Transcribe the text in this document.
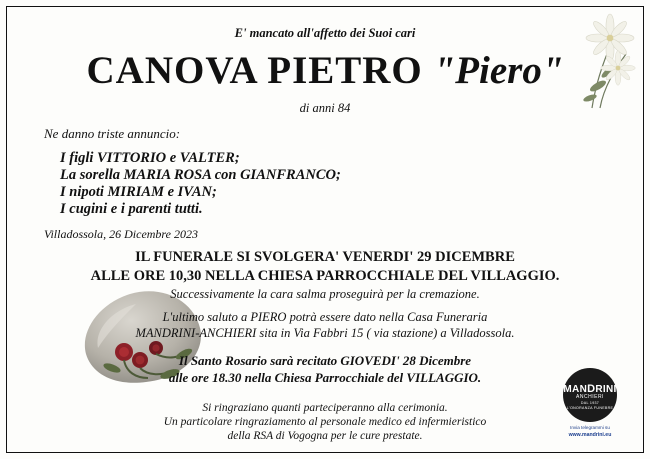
E' mancato all'affetto dei Suoi cari
CANOVA PIETRO "Piero"
di anni 84
Ne danno triste annuncio:
I figli VITTORIO e VALTER;
La sorella MARIA ROSA con GIANFRANCO;
I nipoti MIRIAM e IVAN;
I cugini e i parenti tutti.
Villadossola, 26 Dicembre 2023
IL FUNERALE SI SVOLGERA' VENERDI' 29 DICEMBRE
ALLE ORE 10,30 NELLA CHIESA PARROCCHIALE DEL VILLAGGIO.
Successivamente la cara salma proseguirà per la cremazione.
L'ultimo saluto a PIERO potrà essere dato nella Casa Funeraria
MANDRINI-ANCHIERI sita in Via Fabbri 15 ( via stazione) a Villadossola.
Il Santo Rosario sarà recitato GIOVEDI' 28 Dicembre
alle ore 18.30 nella Chiesa Parrocchiale del VILLAGGIO.
Si ringraziano quanti parteciperanno alla cerimonia.
Un particolare ringraziamento al personale medico ed infermieristico
della RSA di Vogogna per le cure prestate.
MANDRINI
ANCHIERI
DAL 1937
L'ONORANZA FUNEBRE
Invia telegrammi su
www.mandrini.eu
